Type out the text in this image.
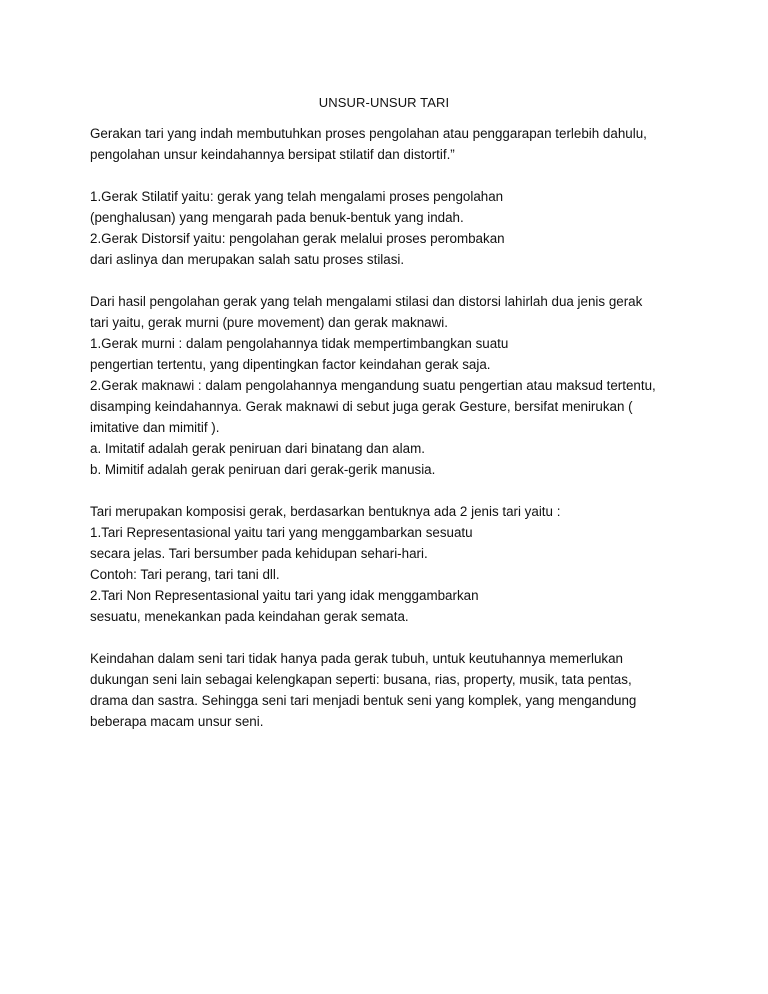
UNSUR-UNSUR TARI
Gerakan tari yang indah membutuhkan proses pengolahan atau penggarapan terlebih dahulu,
pengolahan unsur keindahannya bersipat stilatif dan distortif.”
1.Gerak Stilatif yaitu: gerak yang telah mengalami proses pengolahan
(penghalusan) yang mengarah pada benuk-bentuk yang indah.
2.Gerak Distorsif yaitu: pengolahan gerak melalui proses perombakan
dari aslinya dan merupakan salah satu proses stilasi.
Dari hasil pengolahan gerak yang telah mengalami stilasi dan distorsi lahirlah dua jenis gerak
tari yaitu, gerak murni (pure movement) dan gerak maknawi.
1.Gerak murni : dalam pengolahannya tidak mempertimbangkan suatu
pengertian tertentu, yang dipentingkan factor keindahan gerak saja.
2.Gerak maknawi : dalam pengolahannya mengandung suatu pengertian atau maksud tertentu,
disamping keindahannya. Gerak maknawi di sebut juga gerak Gesture, bersifat menirukan (
imitative dan mimitif ).
a. Imitatif adalah gerak peniruan dari binatang dan alam.
b. Mimitif adalah gerak peniruan dari gerak-gerik manusia.
Tari merupakan komposisi gerak, berdasarkan bentuknya ada 2 jenis tari yaitu :
1.Tari Representasional yaitu tari yang menggambarkan sesuatu
secara jelas. Tari bersumber pada kehidupan sehari-hari.
Contoh: Tari perang, tari tani dll.
2.Tari Non Representasional yaitu tari yang idak menggambarkan
sesuatu, menekankan pada keindahan gerak semata.
Keindahan dalam seni tari tidak hanya pada gerak tubuh, untuk keutuhannya memerlukan
dukungan seni lain sebagai kelengkapan seperti: busana, rias, property, musik, tata pentas,
drama dan sastra. Sehingga seni tari menjadi bentuk seni yang komplek, yang mengandung
beberapa macam unsur seni.
